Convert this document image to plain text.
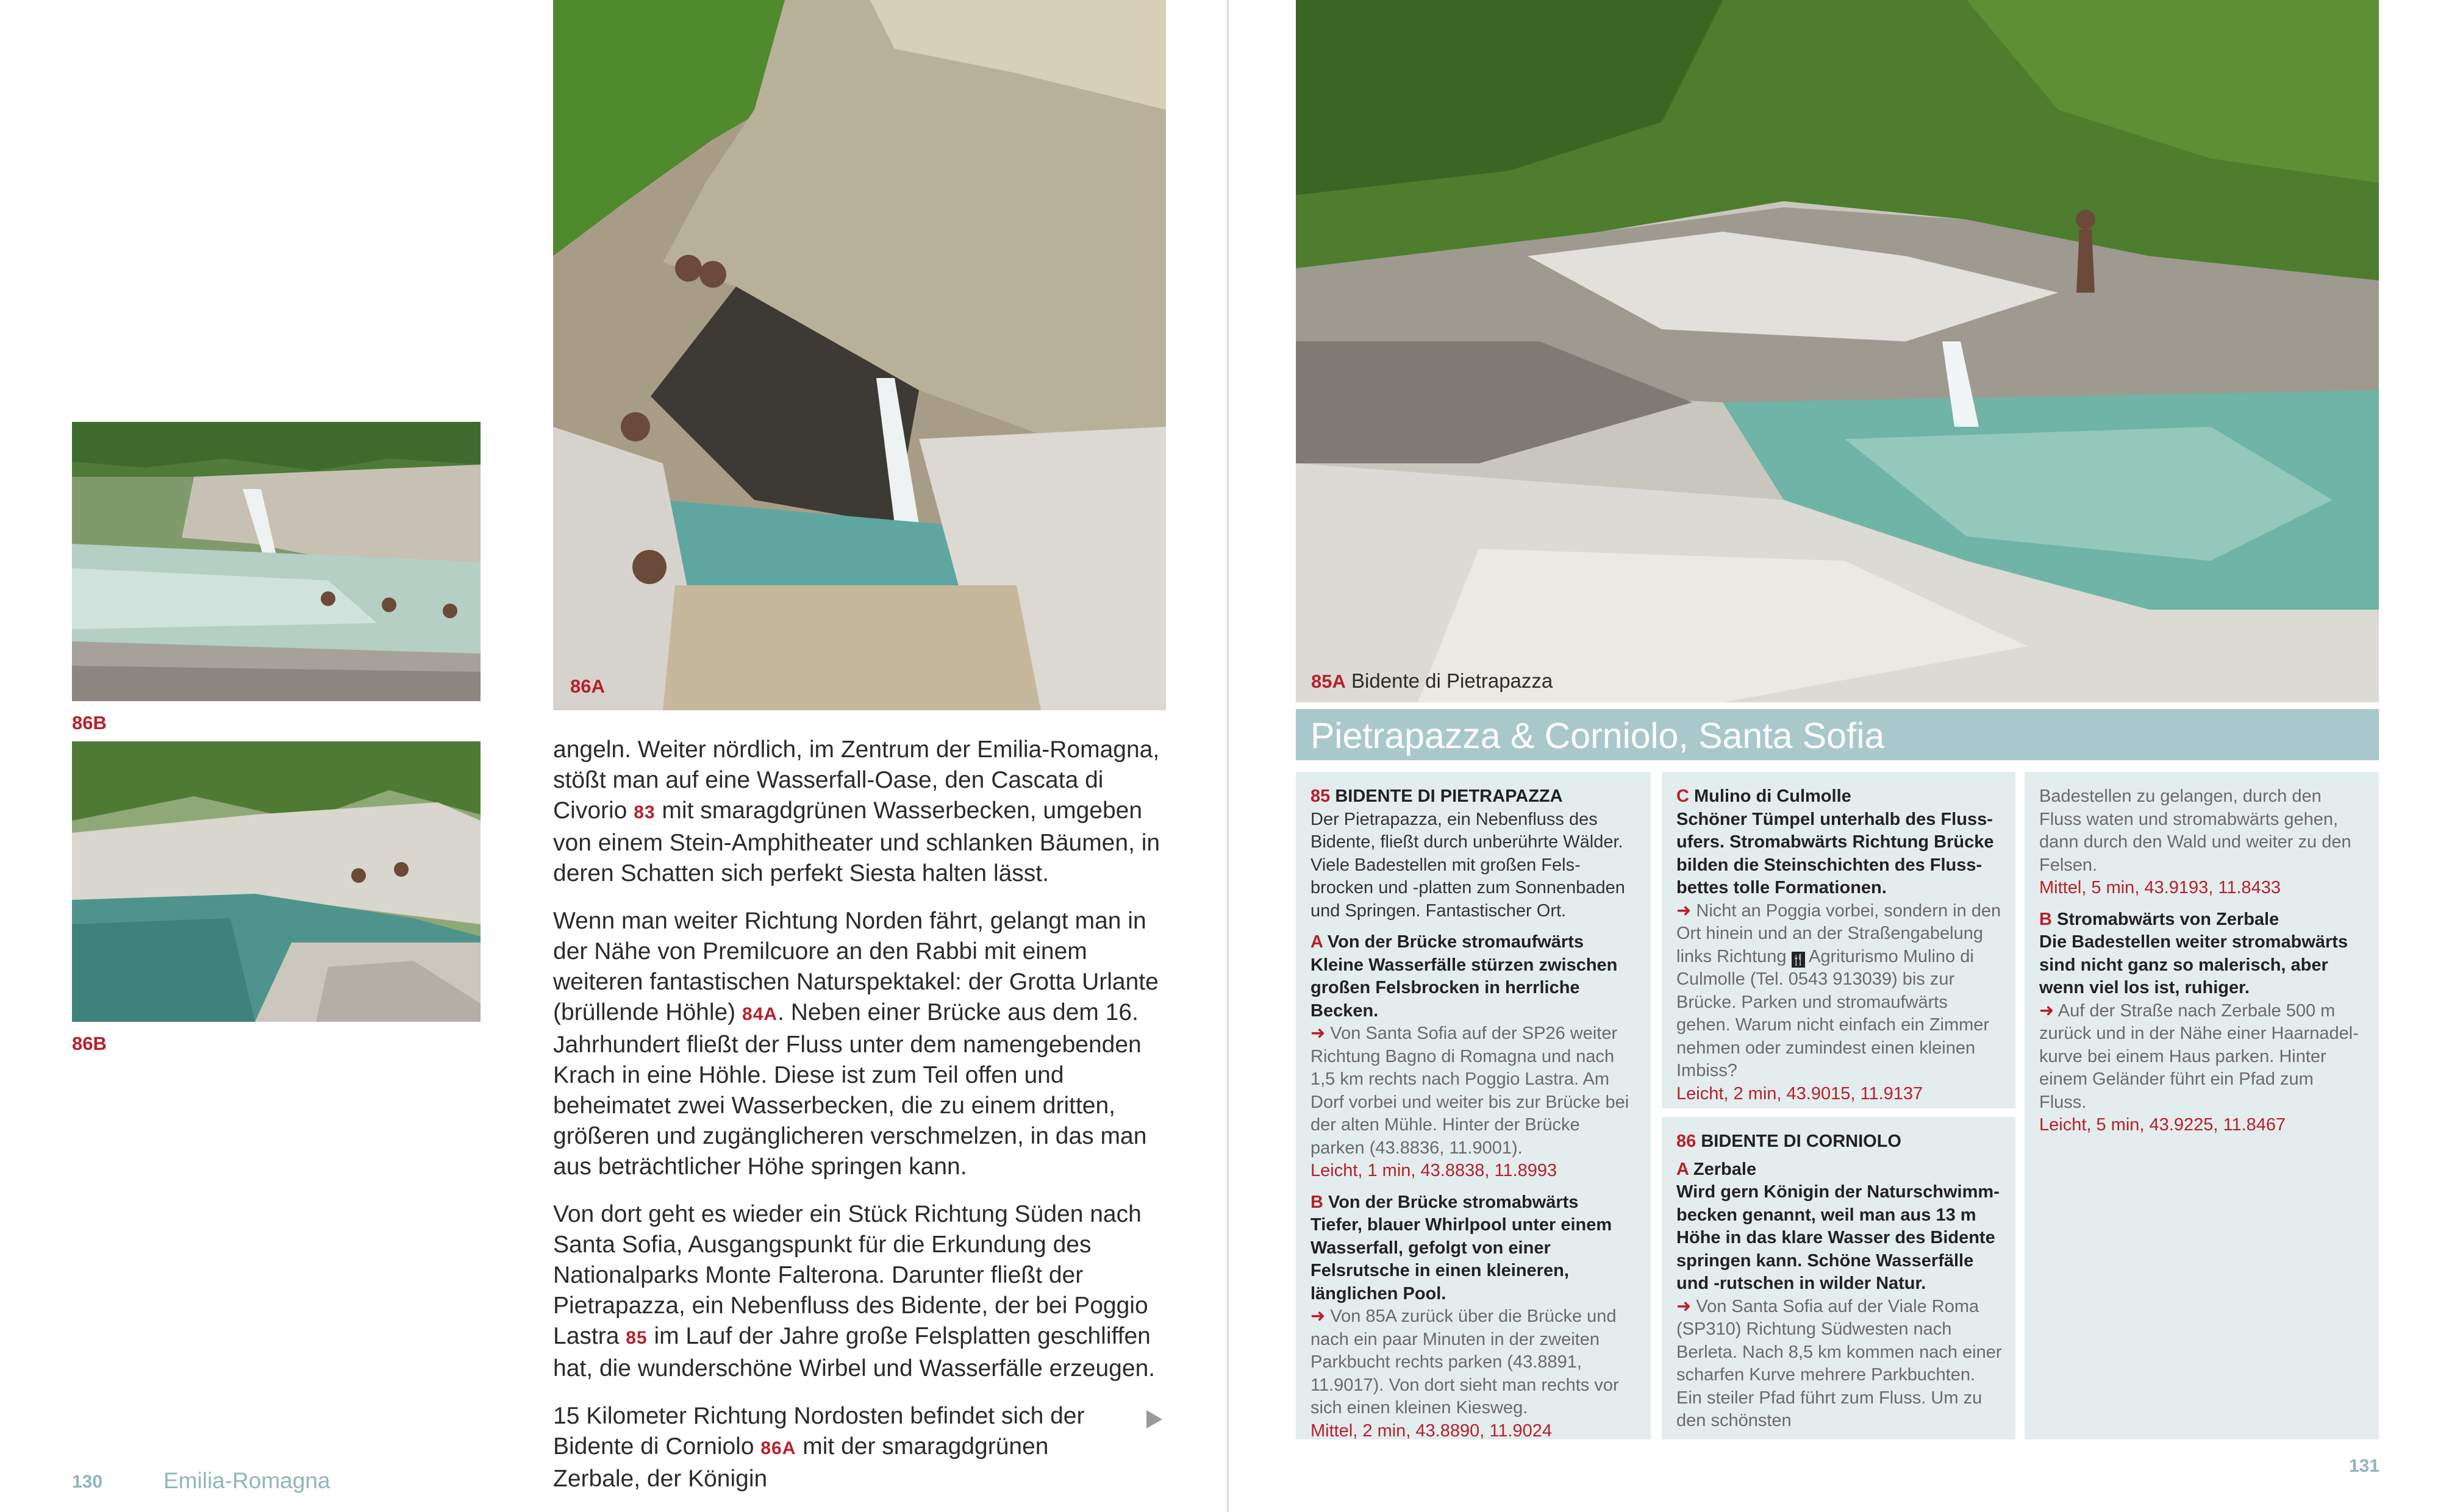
86B
86B
86A

angeln. Weiter nördlich, im Zentrum der Emilia-Romagna, stößt man auf eine Wasserfall-Oase, den Cascata di Civorio 83 mit smaragdgrünen Wasserbecken, umgeben von einem Stein-Amphitheater und schlanken Bäumen, in deren Schatten sich perfekt Siesta halten lässt.

Wenn man weiter Richtung Norden fährt, gelangt man in der Nähe von Premilcuore an den Rabbi mit einem weiteren fantastischen Naturspektakel: der Grotta Urlante (brüllende Höhle) 84A. Neben einer Brücke aus dem 16. Jahrhundert fließt der Fluss unter dem namengebenden Krach in eine Höhle. Diese ist zum Teil offen und beheimatet zwei Wasserbecken, die zu einem dritten, größeren und zugänglicheren verschmelzen, in das man aus beträchtlicher Höhe springen kann.

Von dort geht es wieder ein Stück Richtung Süden nach Santa Sofia, Ausgangspunkt für die Erkundung des Nationalparks Monte Falterona. Darunter fließt der Pietrapazza, ein Nebenfluss des Bidente, der bei Poggio Lastra 85 im Lauf der Jahre große Felsplatten geschliffen hat, die wunderschöne Wirbel und Wasserfälle erzeugen.

15 Kilometer Richtung Nordosten befindet sich der Bidente di Corniolo 86A mit der smaragdgrünen Zerbale, der Königin

130	Emilia-Romagna
85A Bidente di Pietrapazza
Pietrapazza & Corniolo, Santa Sofia

85 BIDENTE DI PIETRAPAZZA

Der Pietrapazza, ein Nebenfluss des Bidente, fließt durch unberührte Wälder. Viele Badestellen mit großen Felsbrocken und -platten zum Sonnenbaden und Springen. Fantastischer Ort.

A Von der Brücke stromaufwärts

Kleine Wasserfälle stürzen zwischen großen Felsbrocken in herrliche Becken.

➜ Von Santa Sofia auf der SP26 weiter Richtung Bagno di Romagna und nach 1,5 km rechts nach Poggio Lastra. Am Dorf vorbei und weiter bis zur Brücke bei der alten Mühle. Hinter der Brücke parken (43.8836, 11.9001).

Leicht, 1 min, 43.8838, 11.8993

B Von der Brücke stromabwärts

Tiefer, blauer Whirlpool unter einem Wasserfall, gefolgt von einer Felsrutsche in einen kleineren, länglichen Pool.

➜ Von 85A zurück über die Brücke und nach ein paar Minuten in der zweiten Parkbucht rechts parken (43.8891, 11.9017). Von dort sieht man rechts vor sich einen kleinen Kiesweg.

Mittel, 2 min, 43.8890, 11.9024

C Mulino di Culmolle

Schöner Tümpel unterhalb des Flussufers. Stromabwärts Richtung Brücke bilden die Steinschichten des Flussbettes tolle Formationen.

➜ Nicht an Poggia vorbei, sondern in den Ort hinein und an der Straßengabelung links Richtung 🍴 Agriturismo Mulino di Culmolle (Tel. 0543 913039) bis zur Brücke. Parken und stromaufwärts gehen. Warum nicht einfach ein Zimmer nehmen oder zumindest einen kleinen Imbiss?

Leicht, 2 min, 43.9015, 11.9137

86 BIDENTE DI CORNIOLO

A Zerbale

Wird gern Königin der Naturschwimmbecken genannt, weil man aus 13 m Höhe in das klare Wasser des Bidente springen kann. Schöne Wasserfälle und -rutschen in wilder Natur.

➜ Von Santa Sofia auf der Viale Roma (SP310) Richtung Südwesten nach Berleta. Nach 8,5 km kommen nach einer scharfen Kurve mehrere Parkbuchten. Ein steiler Pfad führt zum Fluss. Um zu den schönsten

Badestellen zu gelangen, durch den Fluss waten und stromabwärts gehen, dann durch den Wald und weiter zu den Felsen.

Mittel, 5 min, 43.9193, 11.8433

B Stromabwärts von Zerbale

Die Badestellen weiter stromabwärts sind nicht ganz so malerisch, aber wenn viel los ist, ruhiger.

➜ Auf der Straße nach Zerbale 500 m zurück und in der Nähe einer Haarnadelkurve bei einem Haus parken. Hinter einem Geländer führt ein Pfad zum Fluss.

Leicht, 5 min, 43.9225, 11.8467

131
